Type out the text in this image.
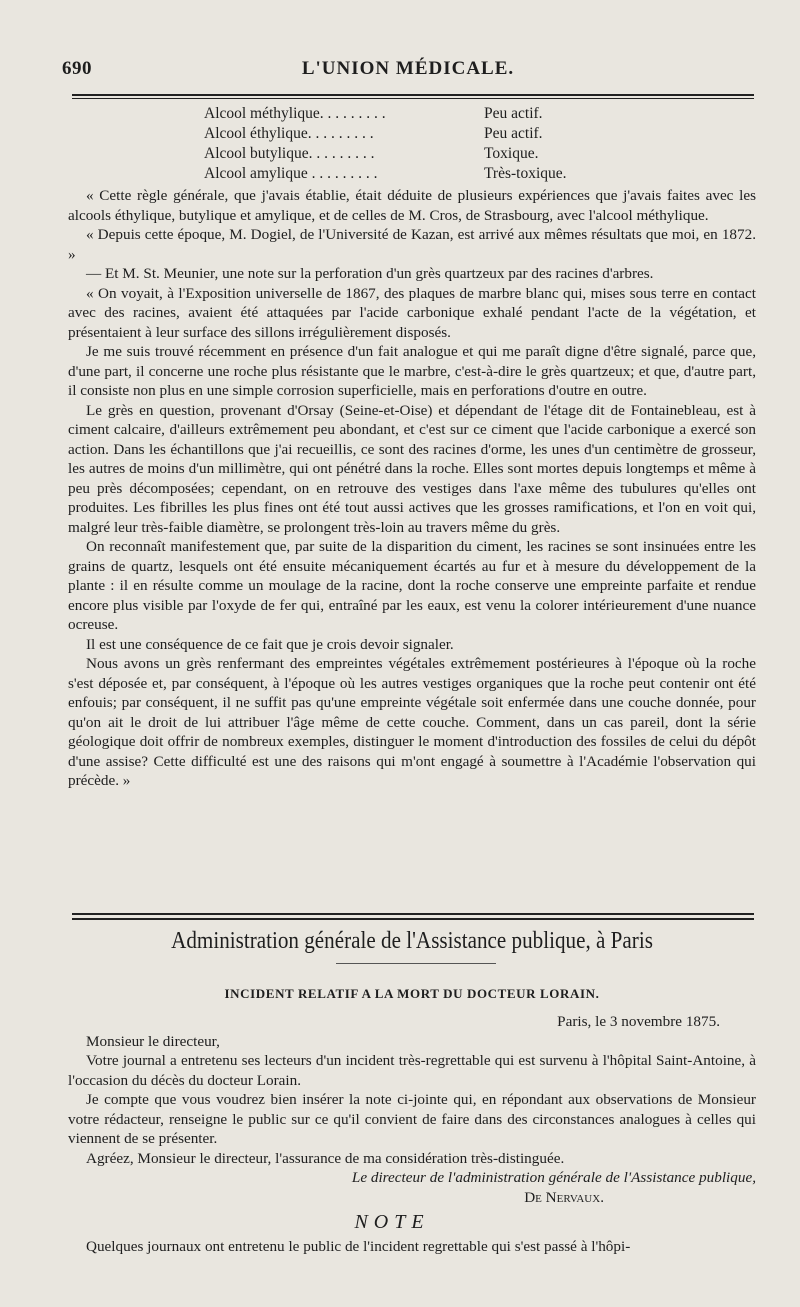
690	L'UNION MÉDICALE.
Alcool méthylique. . . . . . . . .	Peu actif.
Alcool éthylique. . . . . . . . .	Peu actif.
Alcool butylique. . . . . . . . .	Toxique.
Alcool amylique . . . . . . . . .	Très-toxique.

« Cette règle générale, que j'avais établie, était déduite de plusieurs expériences que j'avais faites avec les alcools éthylique, butylique et amylique, et de celles de M. Cros, de Strasbourg, avec l'alcool méthylique.

« Depuis cette époque, M. Dogiel, de l'Université de Kazan, est arrivé aux mêmes résultats que moi, en 1872. »

— Et M. St. Meunier, une note sur la perforation d'un grès quartzeux par des racines d'arbres.

« On voyait, à l'Exposition universelle de 1867, des plaques de marbre blanc qui, mises sous terre en contact avec des racines, avaient été attaquées par l'acide carbonique exhalé pendant l'acte de la végétation, et présentaient à leur surface des sillons irrégulièrement disposés.

Je me suis trouvé récemment en présence d'un fait analogue et qui me paraît digne d'être signalé, parce que, d'une part, il concerne une roche plus résistante que le marbre, c'est-à-dire le grès quartzeux; et que, d'autre part, il consiste non plus en une simple corrosion superficielle, mais en perforations d'outre en outre.

Le grès en question, provenant d'Orsay (Seine-et-Oise) et dépendant de l'étage dit de Fontainebleau, est à ciment calcaire, d'ailleurs extrêmement peu abondant, et c'est sur ce ciment que l'acide carbonique a exercé son action. Dans les échantillons que j'ai recueillis, ce sont des racines d'orme, les unes d'un centimètre de grosseur, les autres de moins d'un millimètre, qui ont pénétré dans la roche. Elles sont mortes depuis longtemps et même à peu près décomposées; cependant, on en retrouve des vestiges dans l'axe même des tubulures qu'elles ont produites. Les fibrilles les plus fines ont été tout aussi actives que les grosses ramifications, et l'on en voit qui, malgré leur très-faible diamètre, se prolongent très-loin au travers même du grès.

On reconnaît manifestement que, par suite de la disparition du ciment, les racines se sont insinuées entre les grains de quartz, lesquels ont été ensuite mécaniquement écartés au fur et à mesure du développement de la plante : il en résulte comme un moulage de la racine, dont la roche conserve une empreinte parfaite et rendue encore plus visible par l'oxyde de fer qui, entraîné par les eaux, est venu la colorer intérieurement d'une nuance ocreuse.

Il est une conséquence de ce fait que je crois devoir signaler.

Nous avons un grès renfermant des empreintes végétales extrêmement postérieures à l'époque où la roche s'est déposée et, par conséquent, à l'époque où les autres vestiges organiques que la roche peut contenir ont été enfouis; par conséquent, il ne suffit pas qu'une empreinte végétale soit enfermée dans une couche donnée, pour qu'on ait le droit de lui attribuer l'âge même de cette couche. Comment, dans un cas pareil, dont la série géologique doit offrir de nombreux exemples, distinguer le moment d'introduction des fossiles de celui du dépôt d'une assise? Cette difficulté est une des raisons qui m'ont engagé à soumettre à l'Académie l'observation qui précède. »

Administration générale de l'Assistance publique, à Paris
INCIDENT RELATIF A LA MORT DU DOCTEUR LORAIN.
Paris, le 3 novembre 1875.
Monsieur le directeur,

Votre journal a entretenu ses lecteurs d'un incident très-regrettable qui est survenu à l'hôpital Saint-Antoine, à l'occasion du décès du docteur Lorain.

Je compte que vous voudrez bien insérer la note ci-jointe qui, en répondant aux observations de Monsieur votre rédacteur, renseigne le public sur ce qu'il convient de faire dans des circonstances analogues à celles qui viennent de se présenter.

Agréez, Monsieur le directeur, l'assurance de ma considération très-distinguée.

Le directeur de l'administration générale de l'Assistance publique,
De Nervaux.
NOTE

Quelques journaux ont entretenu le public de l'incident regrettable qui s'est passé à l'hôpi-
